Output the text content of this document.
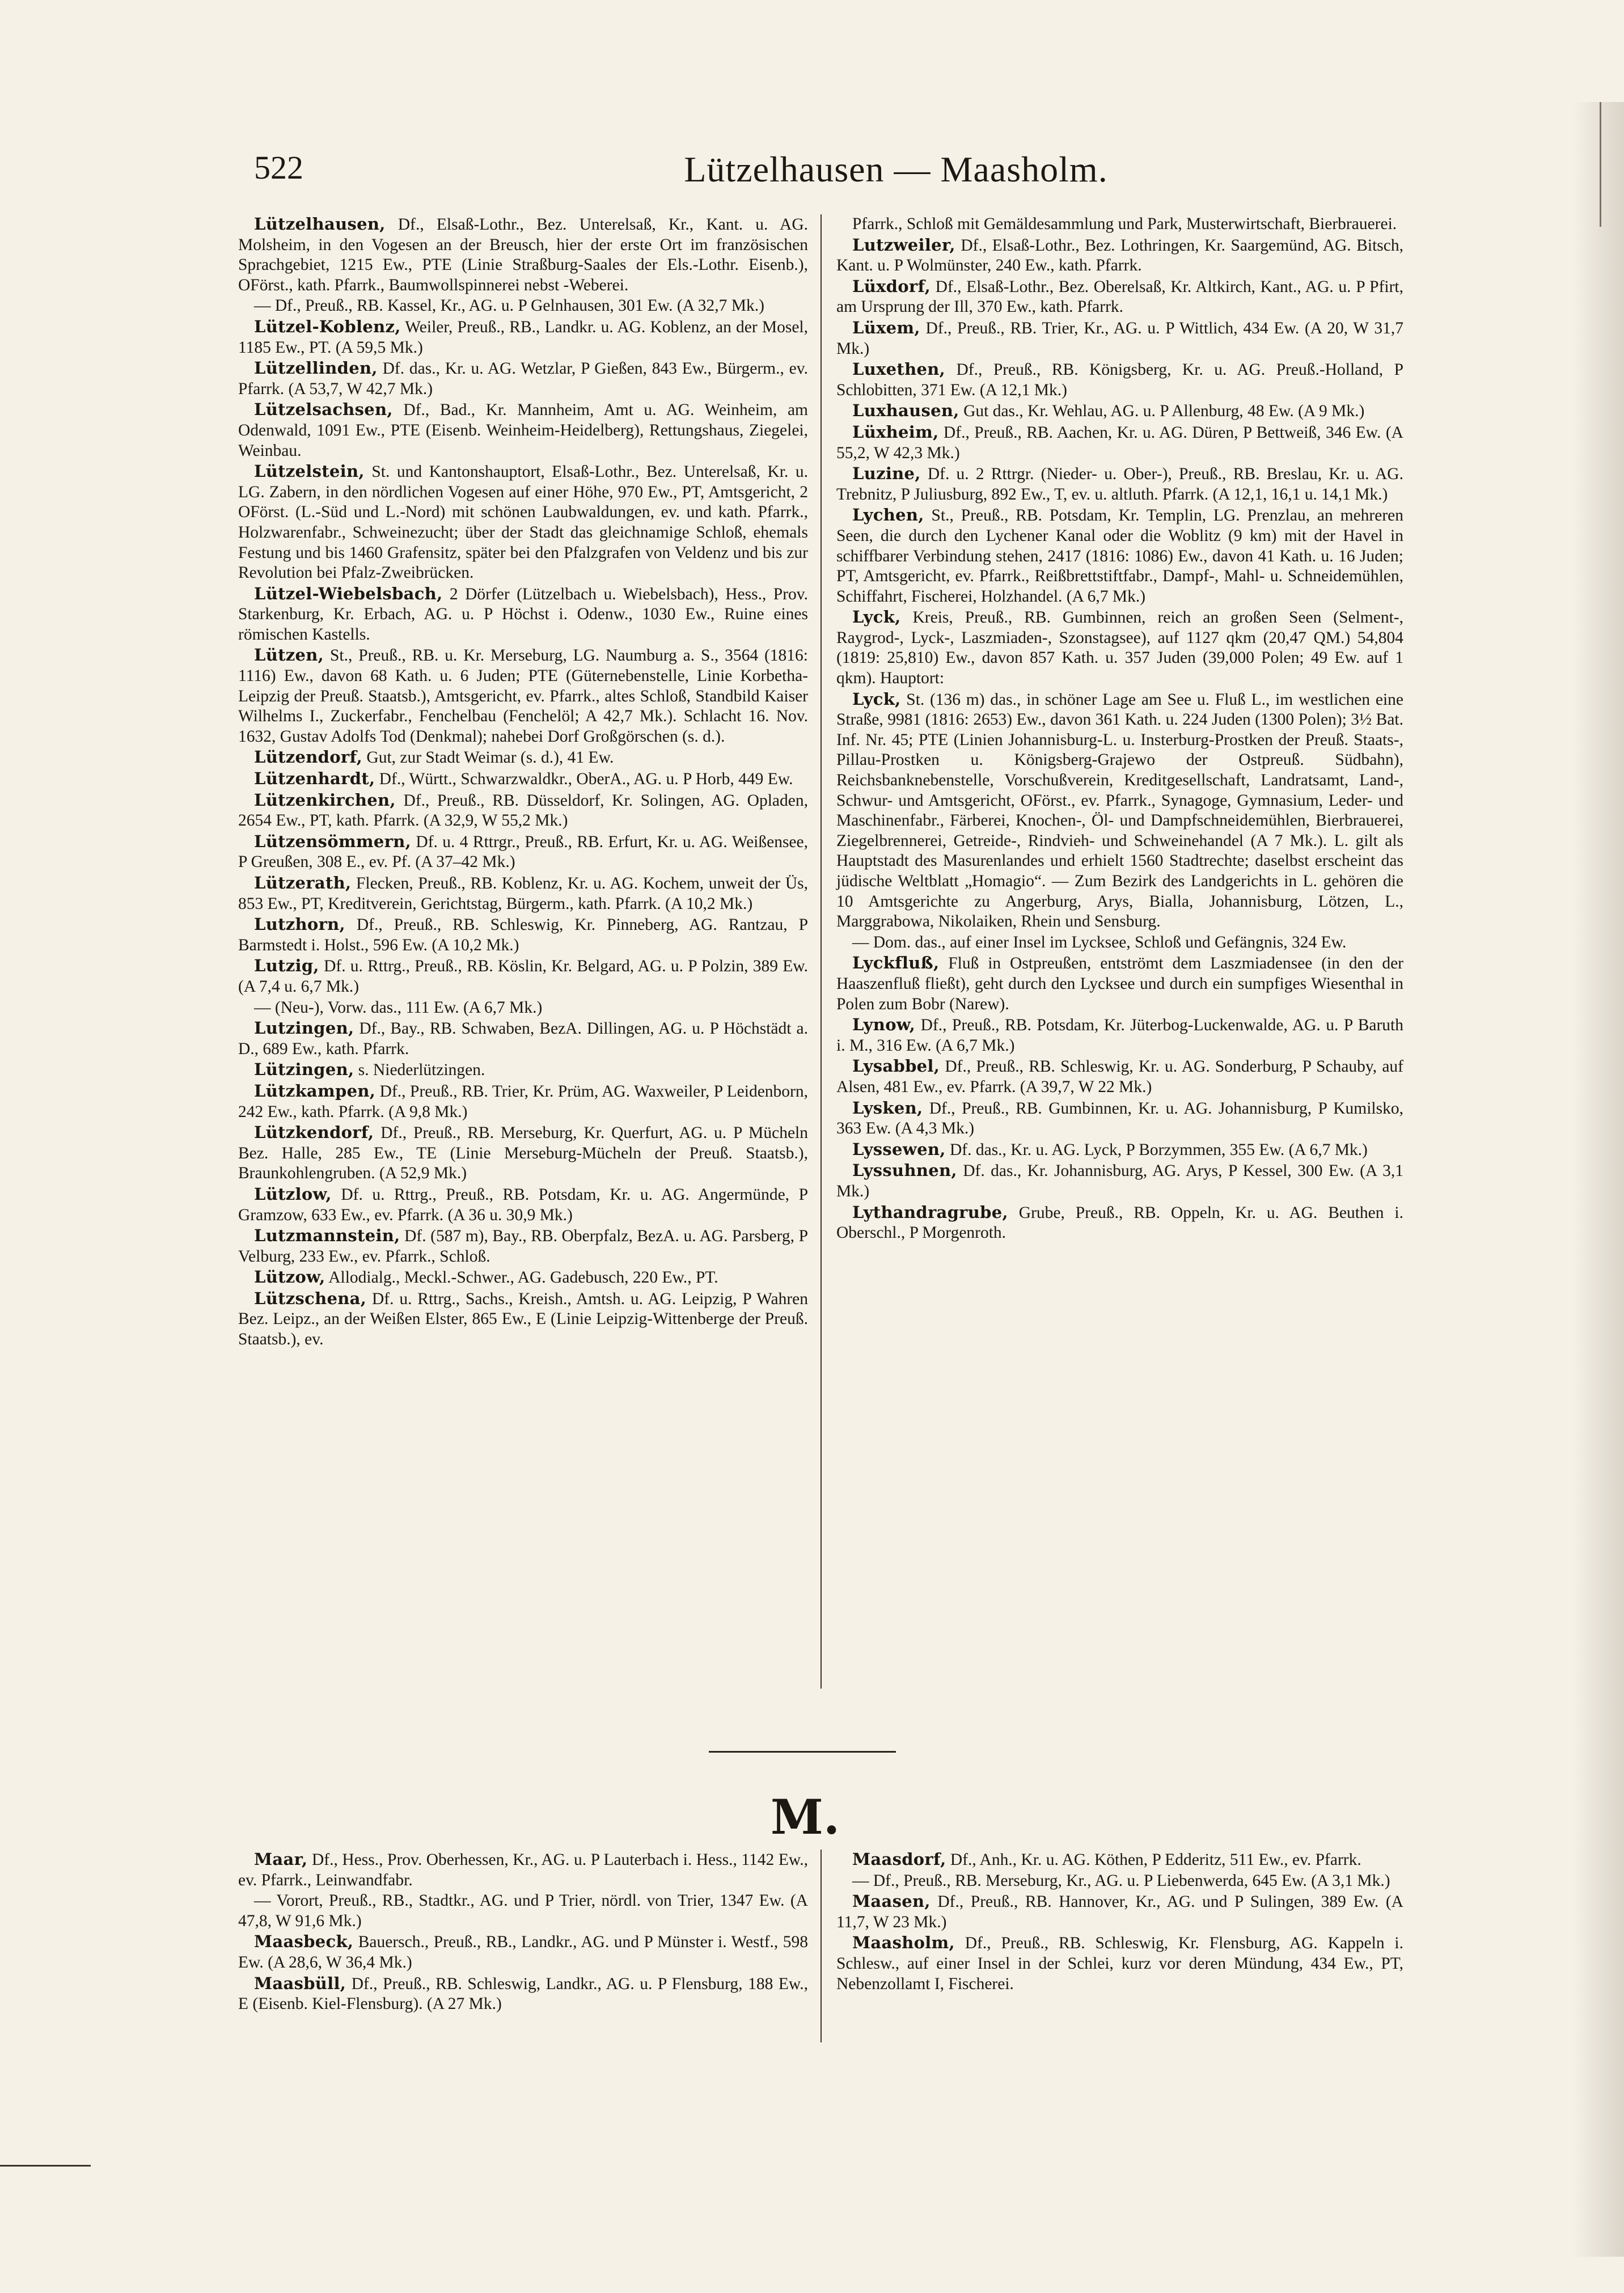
522	Lützelhausen — Maasholm.

Lützelhausen, Df., Elsaß-Lothr., Bez. Unterelsaß, Kr., Kant. u. AG. Molsheim, in den Vogesen an der Breusch, hier der erste Ort im französischen Sprachgebiet, 1215 Ew., PTE (Linie Straßburg-Saales der Els.-Lothr. Eisenb.), OFörst., kath. Pfarrk., Baumwollspinnerei nebst -Weberei.

— Df., Preuß., RB. Kassel, Kr., AG. u. P Gelnhausen, 301 Ew. (A 32,7 Mk.)

Lützel-Koblenz, Weiler, Preuß., RB., Landkr. u. AG. Koblenz, an der Mosel, 1185 Ew., PT. (A 59,5 Mk.)

Lützellinden, Df. das., Kr. u. AG. Wetzlar, P Gießen, 843 Ew., Bürgerm., ev. Pfarrk. (A 53,7, W 42,7 Mk.)

Lützelsachsen, Df., Bad., Kr. Mannheim, Amt u. AG. Weinheim, am Odenwald, 1091 Ew., PTE (Eisenb. Weinheim-Heidelberg), Rettungshaus, Ziegelei, Weinbau.

Lützelstein, St. und Kantonshauptort, Elsaß-Lothr., Bez. Unterelsaß, Kr. u. LG. Zabern, in den nördlichen Vogesen auf einer Höhe, 970 Ew., PT, Amtsgericht, 2 OFörst. (L.-Süd und L.-Nord) mit schönen Laubwaldungen, ev. und kath. Pfarrk., Holzwarenfabr., Schweinezucht; über der Stadt das gleichnamige Schloß, ehemals Festung und bis 1460 Grafensitz, später bei den Pfalzgrafen von Veldenz und bis zur Revolution bei Pfalz-Zweibrücken.

Lützel-Wiebelsbach, 2 Dörfer (Lützelbach u. Wiebelsbach), Hess., Prov. Starkenburg, Kr. Erbach, AG. u. P Höchst i. Odenw., 1030 Ew., Ruine eines römischen Kastells.

Lützen, St., Preuß., RB. u. Kr. Merseburg, LG. Naumburg a. S., 3564 (1816: 1116) Ew., davon 68 Kath. u. 6 Juden; PTE (Güternebenstelle, Linie Korbetha-Leipzig der Preuß. Staatsb.), Amtsgericht, ev. Pfarrk., altes Schloß, Standbild Kaiser Wilhelms I., Zuckerfabr., Fenchelbau (Fenchelöl; A 42,7 Mk.). Schlacht 16. Nov. 1632, Gustav Adolfs Tod (Denkmal); nahebei Dorf Großgörschen (s. d.).

Lützendorf, Gut, zur Stadt Weimar (s. d.), 41 Ew.

Lützenhardt, Df., Württ., Schwarzwaldkr., OberA., AG. u. P Horb, 449 Ew.

Lützenkirchen, Df., Preuß., RB. Düsseldorf, Kr. Solingen, AG. Opladen, 2654 Ew., PT, kath. Pfarrk. (A 32,9, W 55,2 Mk.)

Lützensömmern, Df. u. 4 Rttrgr., Preuß., RB. Erfurt, Kr. u. AG. Weißensee, P Greußen, 308 E., ev. Pf. (A 37–42 Mk.)

Lützerath, Flecken, Preuß., RB. Koblenz, Kr. u. AG. Kochem, unweit der Üs, 853 Ew., PT, Kreditverein, Gerichtstag, Bürgerm., kath. Pfarrk. (A 10,2 Mk.)

Lutzhorn, Df., Preuß., RB. Schleswig, Kr. Pinneberg, AG. Rantzau, P Barmstedt i. Holst., 596 Ew. (A 10,2 Mk.)

Lutzig, Df. u. Rttrg., Preuß., RB. Köslin, Kr. Belgard, AG. u. P Polzin, 389 Ew. (A 7,4 u. 6,7 Mk.)

— (Neu-), Vorw. das., 111 Ew. (A 6,7 Mk.)

Lutzingen, Df., Bay., RB. Schwaben, BezA. Dillingen, AG. u. P Höchstädt a. D., 689 Ew., kath. Pfarrk.

Lützingen, s. Niederlützingen.

Lützkampen, Df., Preuß., RB. Trier, Kr. Prüm, AG. Waxweiler, P Leidenborn, 242 Ew., kath. Pfarrk. (A 9,8 Mk.)

Lützkendorf, Df., Preuß., RB. Merseburg, Kr. Querfurt, AG. u. P Mücheln Bez. Halle, 285 Ew., TE (Linie Merseburg-Mücheln der Preuß. Staatsb.), Braunkohlengruben. (A 52,9 Mk.)

Lützlow, Df. u. Rttrg., Preuß., RB. Potsdam, Kr. u. AG. Angermünde, P Gramzow, 633 Ew., ev. Pfarrk. (A 36 u. 30,9 Mk.)

Lutzmannstein, Df. (587 m), Bay., RB. Oberpfalz, BezA. u. AG. Parsberg, P Velburg, 233 Ew., ev. Pfarrk., Schloß.

Lützow, Allodialg., Meckl.-Schwer., AG. Gadebusch, 220 Ew., PT.

Lützschena, Df. u. Rttrg., Sachs., Kreish., Amtsh. u. AG. Leipzig, P Wahren Bez. Leipz., an der Weißen Elster, 865 Ew., E (Linie Leipzig-Wittenberge der Preuß. Staatsb.), ev.

Pfarrk., Schloß mit Gemäldesammlung und Park, Musterwirtschaft, Bierbrauerei.

Lutzweiler, Df., Elsaß-Lothr., Bez. Lothringen, Kr. Saargemünd, AG. Bitsch, Kant. u. P Wolmünster, 240 Ew., kath. Pfarrk.

Lüxdorf, Df., Elsaß-Lothr., Bez. Oberelsaß, Kr. Altkirch, Kant., AG. u. P Pfirt, am Ursprung der Ill, 370 Ew., kath. Pfarrk.

Lüxem, Df., Preuß., RB. Trier, Kr., AG. u. P Wittlich, 434 Ew. (A 20, W 31,7 Mk.)

Luxethen, Df., Preuß., RB. Königsberg, Kr. u. AG. Preuß.-Holland, P Schlobitten, 371 Ew. (A 12,1 Mk.)

Luxhausen, Gut das., Kr. Wehlau, AG. u. P Allenburg, 48 Ew. (A 9 Mk.)

Lüxheim, Df., Preuß., RB. Aachen, Kr. u. AG. Düren, P Bettweiß, 346 Ew. (A 55,2, W 42,3 Mk.)

Luzine, Df. u. 2 Rttrgr. (Nieder- u. Ober-), Preuß., RB. Breslau, Kr. u. AG. Trebnitz, P Juliusburg, 892 Ew., T, ev. u. altluth. Pfarrk. (A 12,1, 16,1 u. 14,1 Mk.)

Lychen, St., Preuß., RB. Potsdam, Kr. Templin, LG. Prenzlau, an mehreren Seen, die durch den Lychener Kanal oder die Woblitz (9 km) mit der Havel in schiffbarer Verbindung stehen, 2417 (1816: 1086) Ew., davon 41 Kath. u. 16 Juden; PT, Amtsgericht, ev. Pfarrk., Reißbrettstiftfabr., Dampf-, Mahl- u. Schneidemühlen, Schiffahrt, Fischerei, Holzhandel. (A 6,7 Mk.)

Lyck, Kreis, Preuß., RB. Gumbinnen, reich an großen Seen (Selment-, Raygrod-, Lyck-, Laszmiaden-, Szonstagsee), auf 1127 qkm (20,47 QM.) 54,804 (1819: 25,810) Ew., davon 857 Kath. u. 357 Juden (39,000 Polen; 49 Ew. auf 1 qkm). Hauptort:

Lyck, St. (136 m) das., in schöner Lage am See u. Fluß L., im westlichen eine Straße, 9981 (1816: 2653) Ew., davon 361 Kath. u. 224 Juden (1300 Polen); 3½ Bat. Inf. Nr. 45; PTE (Linien Johannisburg-L. u. Insterburg-Prostken der Preuß. Staats-, Pillau-Prostken u. Königsberg-Grajewo der Ostpreuß. Südbahn), Reichsbanknebenstelle, Vorschußverein, Kreditgesellschaft, Landratsamt, Land-, Schwur- und Amtsgericht, OFörst., ev. Pfarrk., Synagoge, Gymnasium, Leder- und Maschinenfabr., Färberei, Knochen-, Öl- und Dampfschneidemühlen, Bierbrauerei, Ziegelbrennerei, Getreide-, Rindvieh- und Schweinehandel (A 7 Mk.). L. gilt als Hauptstadt des Masurenlandes und erhielt 1560 Stadtrechte; daselbst erscheint das jüdische Weltblatt „Homagio“. — Zum Bezirk des Landgerichts in L. gehören die 10 Amtsgerichte zu Angerburg, Arys, Bialla, Johannisburg, Lötzen, L., Marggrabowa, Nikolaiken, Rhein und Sensburg.

— Dom. das., auf einer Insel im Lycksee, Schloß und Gefängnis, 324 Ew.

Lyckfluß, Fluß in Ostpreußen, entströmt dem Laszmiadensee (in den der Haaszenfluß fließt), geht durch den Lycksee und durch ein sumpfiges Wiesenthal in Polen zum Bobr (Narew).

Lynow, Df., Preuß., RB. Potsdam, Kr. Jüterbog-Luckenwalde, AG. u. P Baruth i. M., 316 Ew. (A 6,7 Mk.)

Lysabbel, Df., Preuß., RB. Schleswig, Kr. u. AG. Sonderburg, P Schauby, auf Alsen, 481 Ew., ev. Pfarrk. (A 39,7, W 22 Mk.)

Lysken, Df., Preuß., RB. Gumbinnen, Kr. u. AG. Johannisburg, P Kumilsko, 363 Ew. (A 4,3 Mk.)

Lyssewen, Df. das., Kr. u. AG. Lyck, P Borzymmen, 355 Ew. (A 6,7 Mk.)

Lyssuhnen, Df. das., Kr. Johannisburg, AG. Arys, P Kessel, 300 Ew. (A 3,1 Mk.)

Lythandragrube, Grube, Preuß., RB. Oppeln, Kr. u. AG. Beuthen i. Oberschl., P Morgenroth.

M.

Maar, Df., Hess., Prov. Oberhessen, Kr., AG. u. P Lauterbach i. Hess., 1142 Ew., ev. Pfarrk., Leinwandfabr.

— Vorort, Preuß., RB., Stadtkr., AG. und P Trier, nördl. von Trier, 1347 Ew. (A 47,8, W 91,6 Mk.)

Maasbeck, Bauersch., Preuß., RB., Landkr., AG. und P Münster i. Westf., 598 Ew. (A 28,6, W 36,4 Mk.)

Maasbüll, Df., Preuß., RB. Schleswig, Landkr., AG. u. P Flensburg, 188 Ew., E (Eisenb. Kiel-Flensburg). (A 27 Mk.)

Maasdorf, Df., Anh., Kr. u. AG. Köthen, P Edderitz, 511 Ew., ev. Pfarrk.

— Df., Preuß., RB. Merseburg, Kr., AG. u. P Liebenwerda, 645 Ew. (A 3,1 Mk.)

Maasen, Df., Preuß., RB. Hannover, Kr., AG. und P Sulingen, 389 Ew. (A 11,7, W 23 Mk.)

Maasholm, Df., Preuß., RB. Schleswig, Kr. Flensburg, AG. Kappeln i. Schlesw., auf einer Insel in der Schlei, kurz vor deren Mündung, 434 Ew., PT, Nebenzollamt I, Fischerei.
